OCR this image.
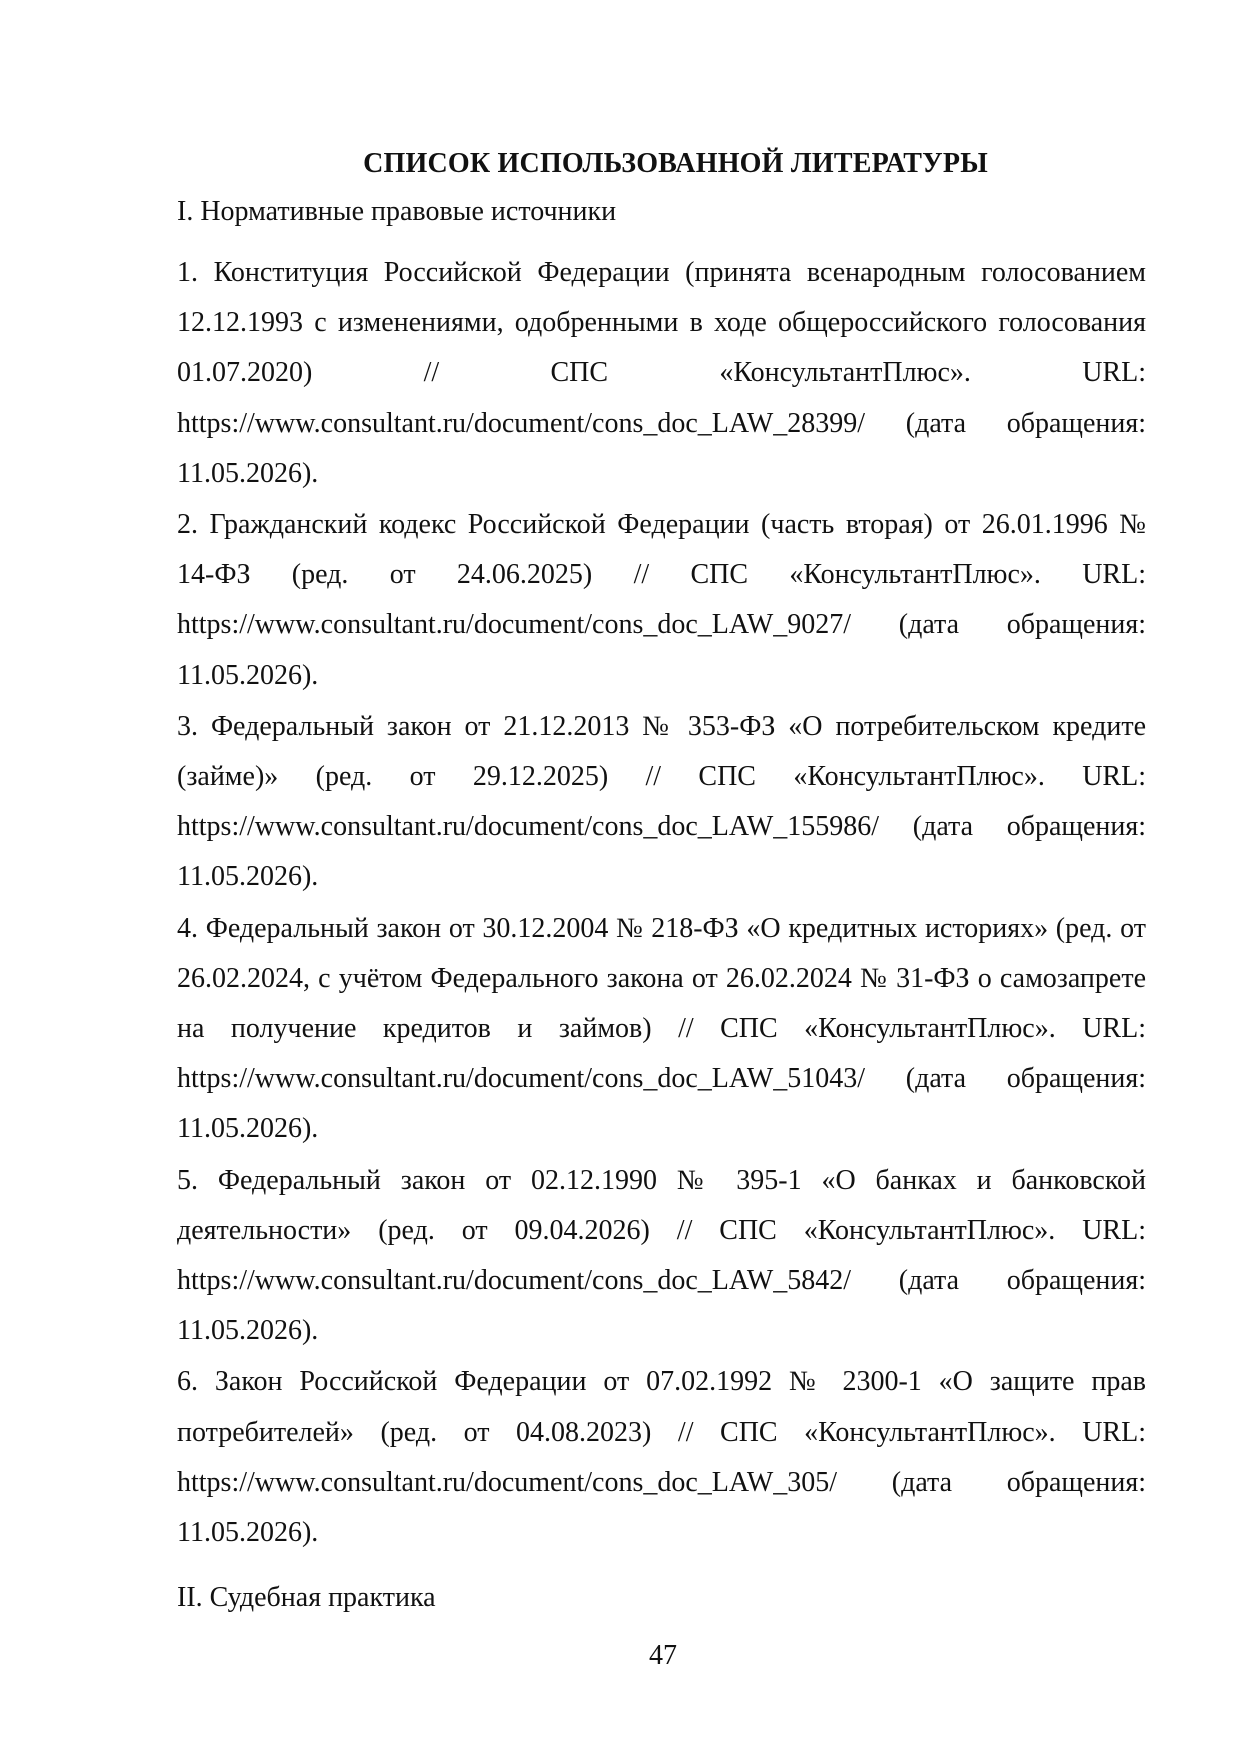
СПИСОК ИСПОЛЬЗОВАННОЙ ЛИТЕРАТУРЫ
I. Нормативные правовые источники

1. Конституция Российской Федерации (принята всенародным голосованием 12.12.1993 с изменениями, одобренными в ходе общероссийского голосования 01.07.2020) // СПС «КонсультантПлюс». URL: https://www.consultant.ru/document/cons_doc_LAW_28399/ (дата обращения: 11.05.2026).

2. Гражданский кодекс Российской Федерации (часть вторая) от 26.01.1996 № 14-ФЗ (ред. от 24.06.2025) // СПС «КонсультантПлюс». URL: https://www.consultant.ru/document/cons_doc_LAW_9027/ (дата обращения: 11.05.2026).

3. Федеральный закон от 21.12.2013 № 353-ФЗ «О потребительском кредите (займе)» (ред. от 29.12.2025) // СПС «КонсультантПлюс». URL: https://www.consultant.ru/document/cons_doc_LAW_155986/ (дата обращения: 11.05.2026).

4. Федеральный закон от 30.12.2004 № 218-ФЗ «О кредитных историях» (ред. от 26.02.2024, с учётом Федерального закона от 26.02.2024 № 31-ФЗ о самозапрете на получение кредитов и займов) // СПС «КонсультантПлюс». URL: https://www.consultant.ru/document/cons_doc_LAW_51043/ (дата обращения: 11.05.2026).

5. Федеральный закон от 02.12.1990 № 395-1 «О банках и банковской деятельности» (ред. от 09.04.2026) // СПС «КонсультантПлюс». URL: https://www.consultant.ru/document/cons_doc_LAW_5842/ (дата обращения: 11.05.2026).

6. Закон Российской Федерации от 07.02.1992 № 2300-1 «О защите прав потребителей» (ред. от 04.08.2023) // СПС «КонсультантПлюс». URL: https://www.consultant.ru/document/cons_doc_LAW_305/ (дата обращения: 11.05.2026).

II. Судебная практика
47
